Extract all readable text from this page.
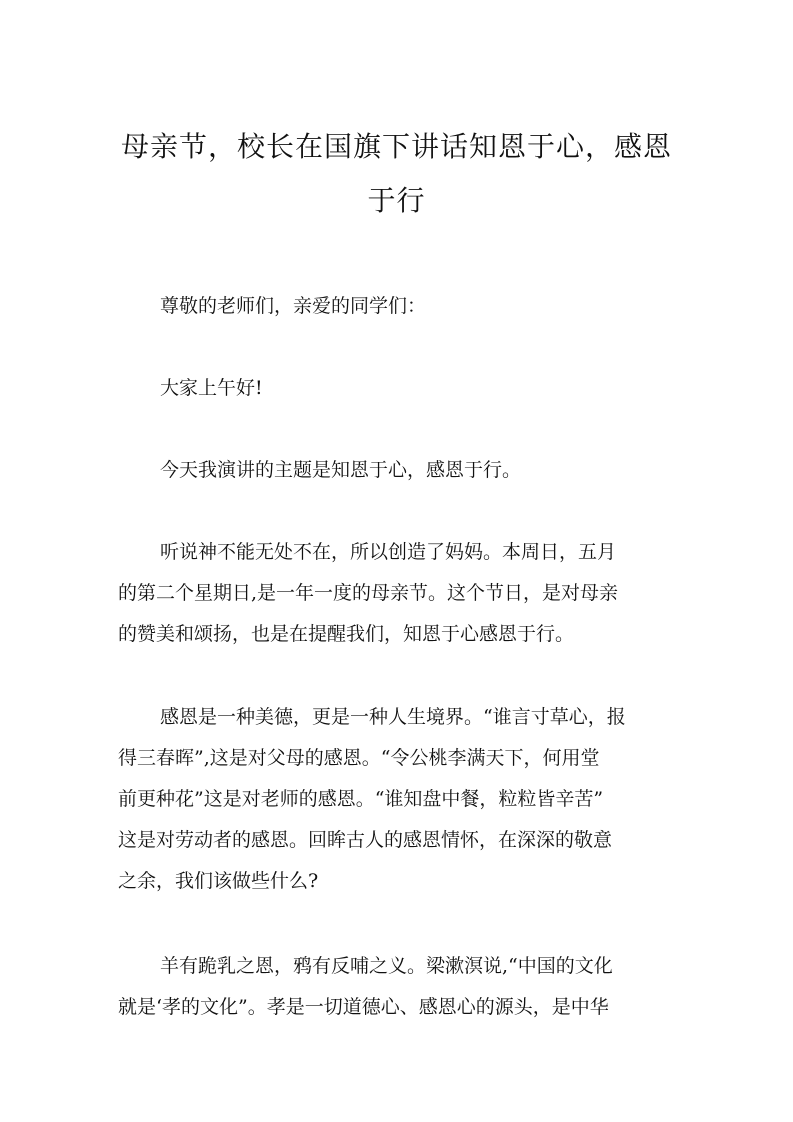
母亲节，校长在国旗下讲话知恩于心，感恩
于行

尊敬的老师们，亲爱的同学们：

大家上午好!

今天我演讲的主题是知恩于心，感恩于行。

听说神不能无处不在，所以创造了妈妈。本周日，五月
的第二个星期日,是一年一度的母亲节。这个节日，是对母亲
的赞美和颂扬，也是在提醒我们，知恩于心感恩于行。

感恩是一种美德，更是一种人生境界。“谁言寸草心，报
得三春晖”,这是对父母的感恩。“令公桃李满天下，何用堂
前更种花”这是对老师的感恩。“谁知盘中餐，粒粒皆辛苦”
这是对劳动者的感恩。回眸古人的感恩情怀，在深深的敬意
之余，我们该做些什么?

羊有跪乳之恩，鸦有反哺之义。梁漱溟说,“中国的文化
就是‘孝的文化”。孝是一切道德心、感恩心的源头，是中华
